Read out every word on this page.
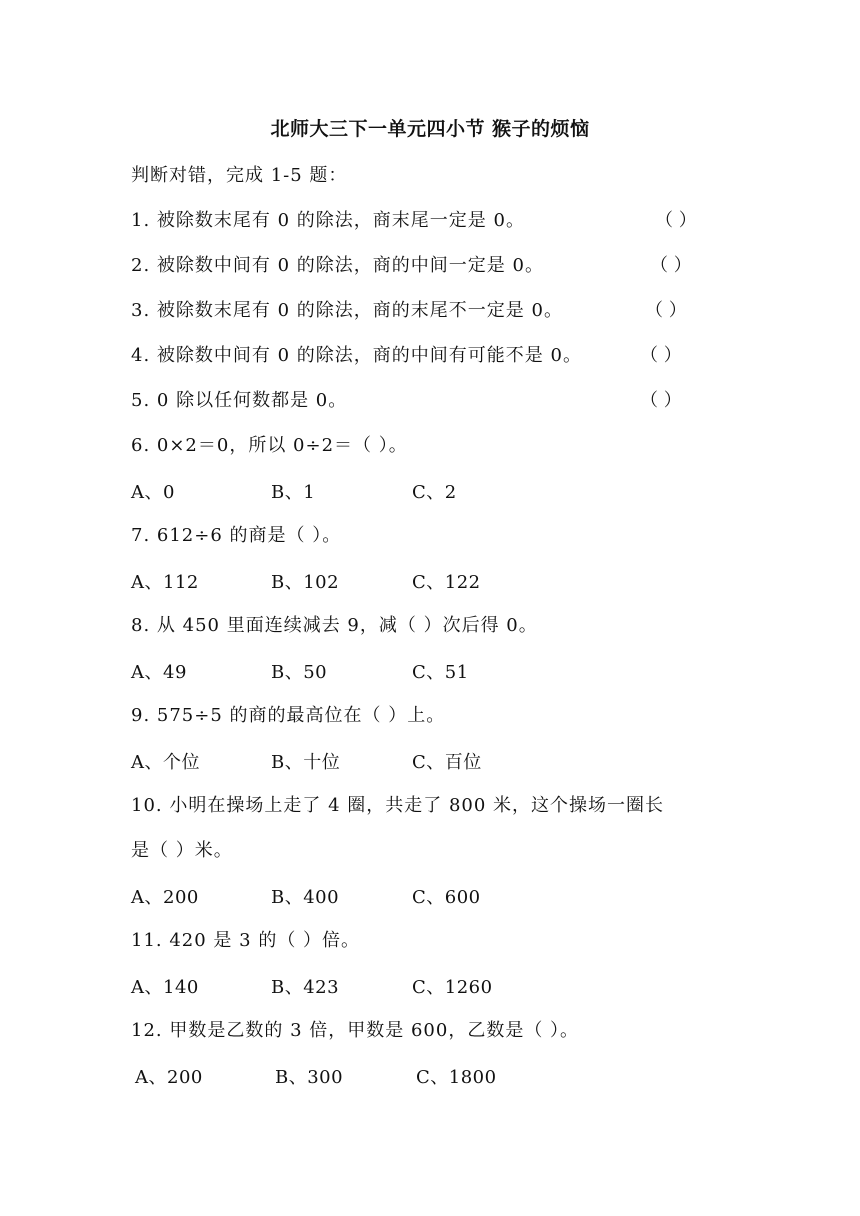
北师大三下一单元四小节 猴子的烦恼
判断对错，完成 1-5 题：
1. 被除数末尾有 0 的除法，商末尾一定是 0。	（ ）
2. 被除数中间有 0 的除法，商的中间一定是 0。	（ ）
3. 被除数末尾有 0 的除法，商的末尾不一定是 0。	（ ）
4. 被除数中间有 0 的除法，商的中间有可能不是 0。	（ ）
5. 0 除以任何数都是 0。	（ ）
6. 0×2＝0，所以 0÷2＝（ ）。
A、0	B、1	C、2
7. 612÷6 的商是（ ）。
A、112	B、102	C、122
8. 从 450 里面连续减去 9，减（ ）次后得 0。
A、49	B、50	C、51
9. 575÷5 的商的最高位在（ ）上。
A、个位	B、十位	C、百位
10. 小明在操场上走了 4 圈，共走了 800 米，这个操场一圈长
是（ ）米。
A、200	B、400	C、600
11. 420 是 3 的（ ）倍。
A、140	B、423	C、1260
12. 甲数是乙数的 3 倍，甲数是 600，乙数是（ ）。
A、200	B、300	C、1800
